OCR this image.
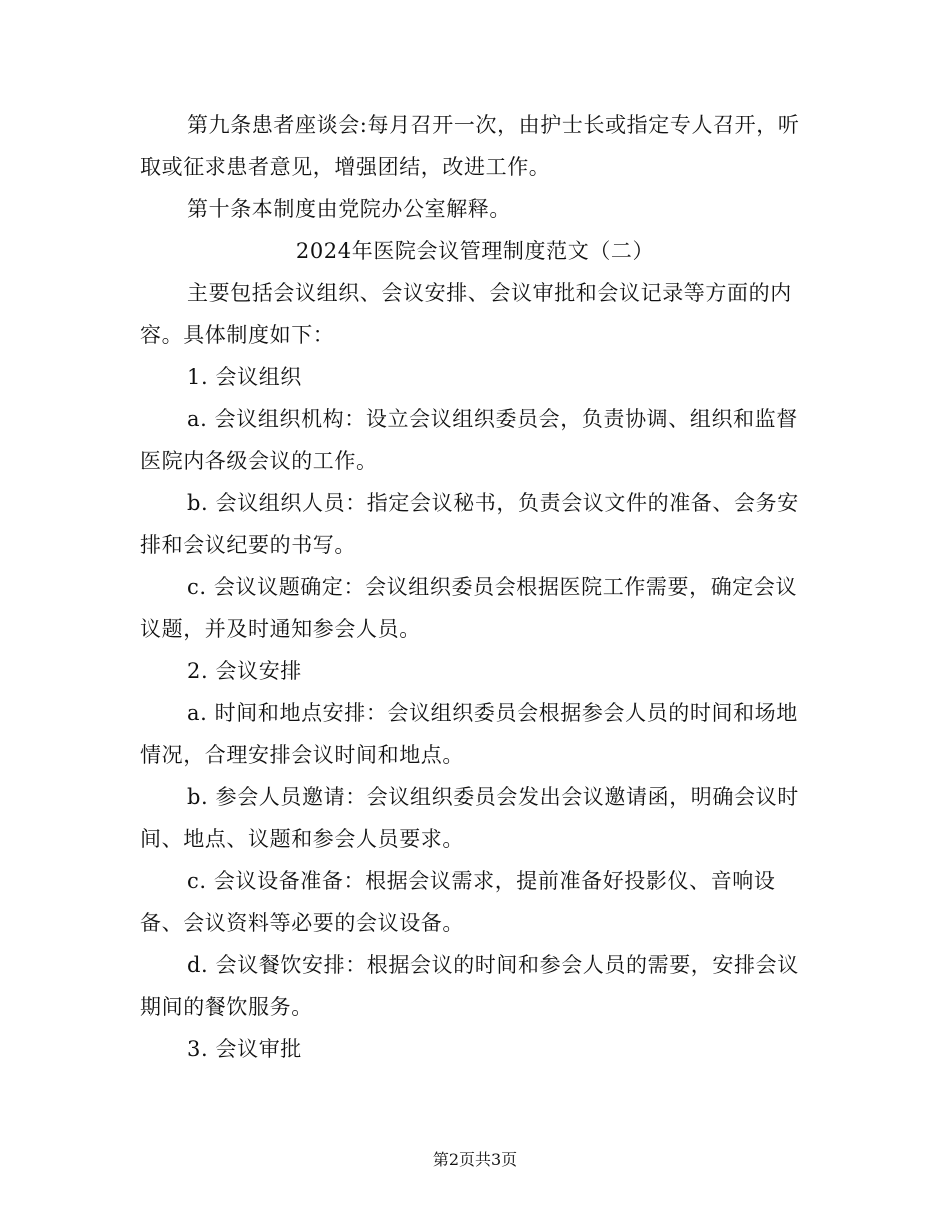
第九条患者座谈会:每月召开一次，由护士长或指定专人召开，听取或征求患者意见，增强团结，改进工作。

第十条本制度由党院办公室解释。

2024年医院会议管理制度范文（二）

主要包括会议组织、会议安排、会议审批和会议记录等方面的内容。具体制度如下：

1. 会议组织

a. 会议组织机构：设立会议组织委员会，负责协调、组织和监督医院内各级会议的工作。

b. 会议组织人员：指定会议秘书，负责会议文件的准备、会务安排和会议纪要的书写。

c. 会议议题确定：会议组织委员会根据医院工作需要，确定会议议题，并及时通知参会人员。

2. 会议安排

a. 时间和地点安排：会议组织委员会根据参会人员的时间和场地情况，合理安排会议时间和地点。

b. 参会人员邀请：会议组织委员会发出会议邀请函，明确会议时间、地点、议题和参会人员要求。

c. 会议设备准备：根据会议需求，提前准备好投影仪、音响设备、会议资料等必要的会议设备。

d. 会议餐饮安排：根据会议的时间和参会人员的需要，安排会议期间的餐饮服务。

3. 会议审批

第2页共3页
